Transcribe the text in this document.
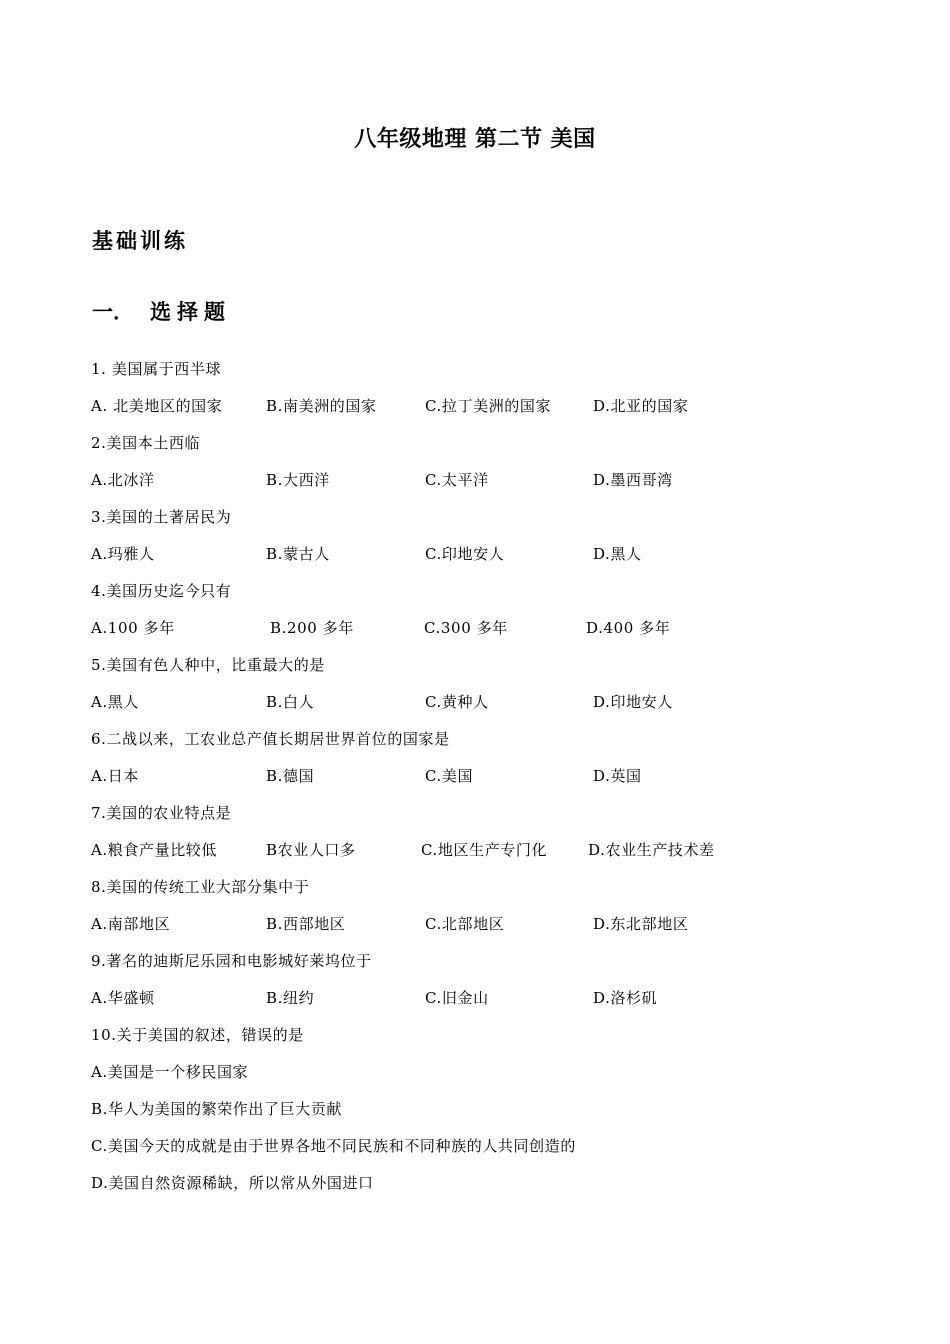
八年级地理 第二节 美国
基础训练
一． 选择题
1. 美国属于西半球
A. 北美地区的国家	B.南美洲的国家	C.拉丁美洲的国家	D.北亚的国家
2.美国本土西临
A.北冰洋	B.大西洋	C.太平洋	D.墨西哥湾
3.美国的土著居民为
A.玛雅人	B.蒙古人	C.印地安人	D.黑人
4.美国历史迄今只有
A.100 多年	B.200 多年	C.300 多年	D.400 多年
5.美国有色人种中，比重最大的是
A.黑人	B.白人	C.黄种人	D.印地安人
6.二战以来，工农业总产值长期居世界首位的国家是
A.日本	B.德国	C.美国	D.英国
7.美国的农业特点是
A.粮食产量比较低	B农业人口多	C.地区生产专门化	D.农业生产技术差
8.美国的传统工业大部分集中于
A.南部地区	B.西部地区	C.北部地区	D.东北部地区
9.著名的迪斯尼乐园和电影城好莱坞位于
A.华盛顿	B.纽约	C.旧金山	D.洛杉矶
10.关于美国的叙述，错误的是
A.美国是一个移民国家
B.华人为美国的繁荣作出了巨大贡献
C.美国今天的成就是由于世界各地不同民族和不同种族的人共同创造的
D.美国自然资源稀缺，所以常从外国进口
